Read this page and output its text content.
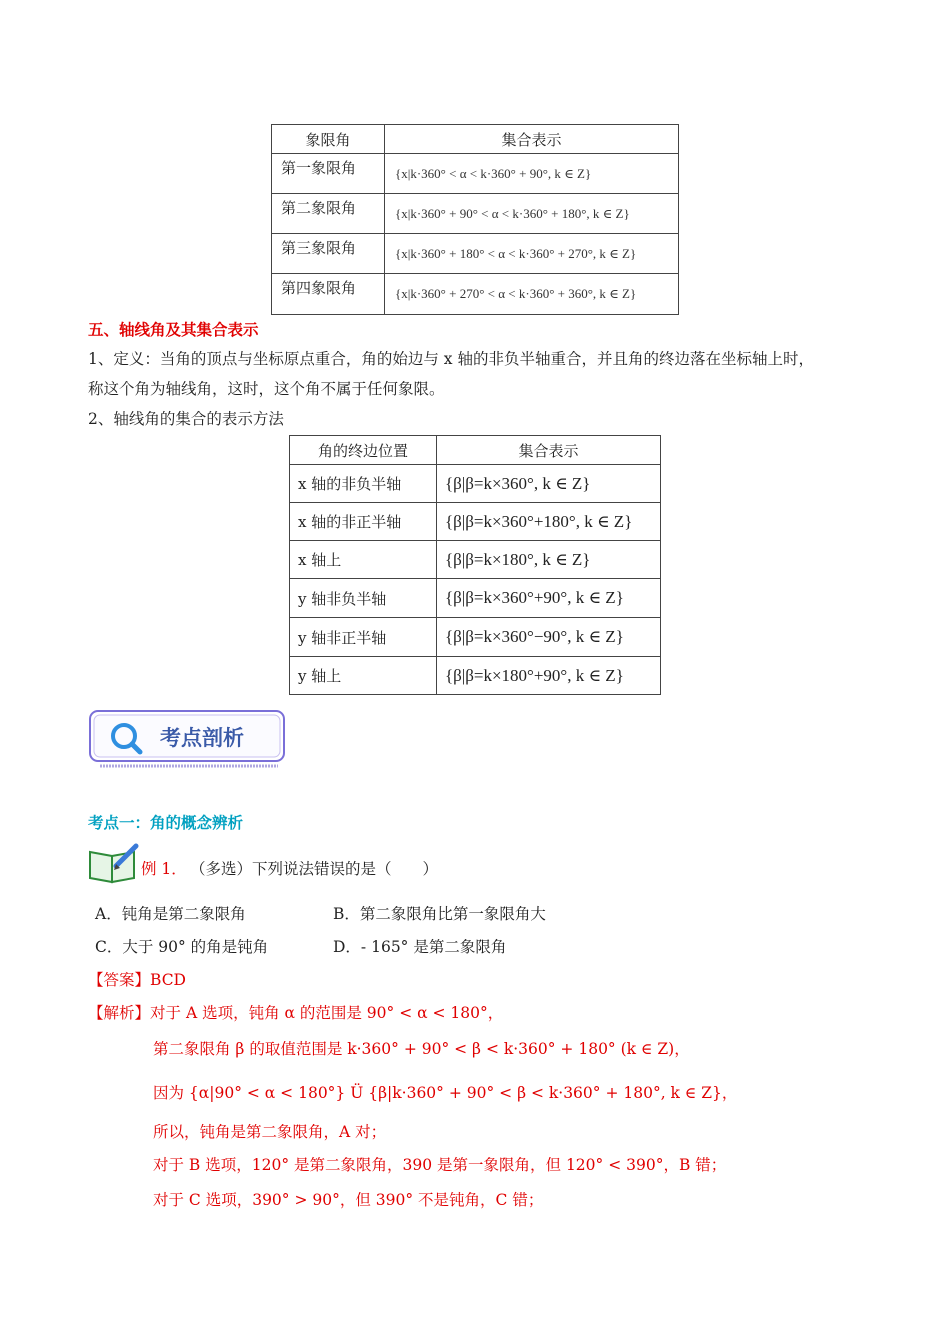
象限角	集合表示
第一象限角	{x|k·360° < α < k·360° + 90°, k ∈ Z}
第二象限角	{x|k·360° + 90° < α < k·360° + 180°, k ∈ Z}
第三象限角	{x|k·360° + 180° < α < k·360° + 270°, k ∈ Z}
第四象限角	{x|k·360° + 270° < α < k·360° + 360°, k ∈ Z}
五、轴线角及其集合表示
1、定义：当角的顶点与坐标原点重合，角的始边与 x 轴的非负半轴重合，并且角的终边落在坐标轴上时，
称这个角为轴线角，这时，这个角不属于任何象限。
2、轴线角的集合的表示方法
角的终边位置	集合表示
x 轴的非负半轴	{β|β=k×360°, k ∈ Z}
x 轴的非正半轴	{β|β=k×360°+180°, k ∈ Z}
x 轴上	{β|β=k×180°, k ∈ Z}
y 轴非负半轴	{β|β=k×360°+90°, k ∈ Z}
y 轴非正半轴	{β|β=k×360°−90°, k ∈ Z}
y 轴上	{β|β=k×180°+90°, k ∈ Z}
考点剖析
考点一：角的概念辨析
例 1． （多选）下列说法错误的是（　　）
A．钝角是第二象限角	B．第二象限角比第一象限角大
C．大于 90° 的角是钝角	D．- 165° 是第二象限角
【答案】BCD
【解析】对于 A 选项，钝角 α 的范围是 90° < α < 180°，
第二象限角 β 的取值范围是 k·360° + 90° < β < k·360° + 180° (k ∈ Z)，
因为 {α|90° < α < 180°} Ü {β|k·360° + 90° < β < k·360° + 180°, k ∈ Z}，
所以，钝角是第二象限角，A 对；
对于 B 选项，120° 是第二象限角，390 是第一象限角，但 120° < 390°，B 错；
对于 C 选项，390° > 90°，但 390° 不是钝角，C 错；
